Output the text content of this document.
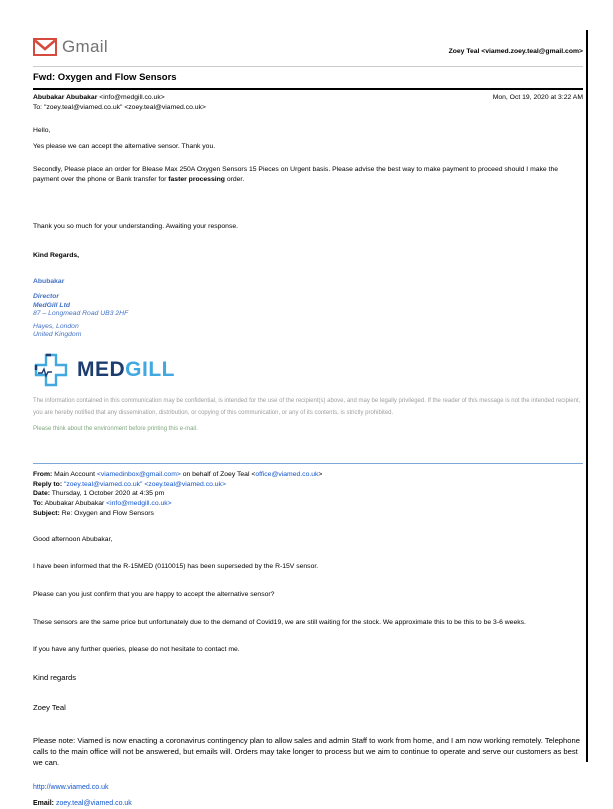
Gmail	Zoey Teal <viamed.zoey.teal@gmail.com>
Fwd: Oxygen and Flow Sensors
Abubakar Abubakar <info@medgill.co.uk>
To: "zoey.teal@viamed.co.uk" <zoey.teal@viamed.co.uk>
Mon, Oct 19, 2020 at 3:22 AM

Hello,

Yes please we can accept the alternative sensor. Thank you.

Secondly, Please place an order for Blease Max 250A Oxygen Sensors 15 Pieces on Urgent basis. Please advise the best way to make payment to proceed should I make the payment over the phone or Bank transfer for faster processing order.

Thank you so much for your understanding. Awaiting your response.

Kind Regards,

Abubakar

Director
MedGill Ltd
87 – Longmead Road UB3 2HF
Hayes, London
United Kingdom
MEDGILL

The information contained in this communication may be confidential, is intended for the use of the recipient(s) above, and may be legally privileged. If the reader of this message is not the intended recipient, you are hereby notified that any dissemination, distribution, or copying of this communication, or any of its contents, is strictly prohibited.

Please think about the environment before printing this e-mail.

From: Main Account <viamedinbox@gmail.com> on behalf of Zoey Teal <office@viamed.co.uk>
Reply to: "zoey.teal@viamed.co.uk" <zoey.teal@viamed.co.uk>
Date: Thursday, 1 October 2020 at 4:35 pm
To: Abubakar Abubakar <info@medgill.co.uk>
Subject: Re: Oxygen and Flow Sensors

Good afternoon Abubakar,

I have been informed that the R-15MED (0110015) has been superseded by the R-15V sensor.

Please can you just confirm that you are happy to accept the alternative sensor?

These sensors are the same price but unfortunately due to the demand of Covid19, we are still waiting for the stock. We approximate this to be this to be 3-6 weeks.

If you have any further queries, please do not hesitate to contact me.

Kind regards

Zoey Teal

Please note: Viamed is now enacting a coronavirus contingency plan to allow sales and admin Staff to work from home, and I am now working remotely. Telephone calls to the main office will not be answered, but emails will. Orders may take longer to process but we aim to continue to operate and serve our customers as best we can.

http://www.viamed.co.uk

Email: zoey.teal@viamed.co.uk
